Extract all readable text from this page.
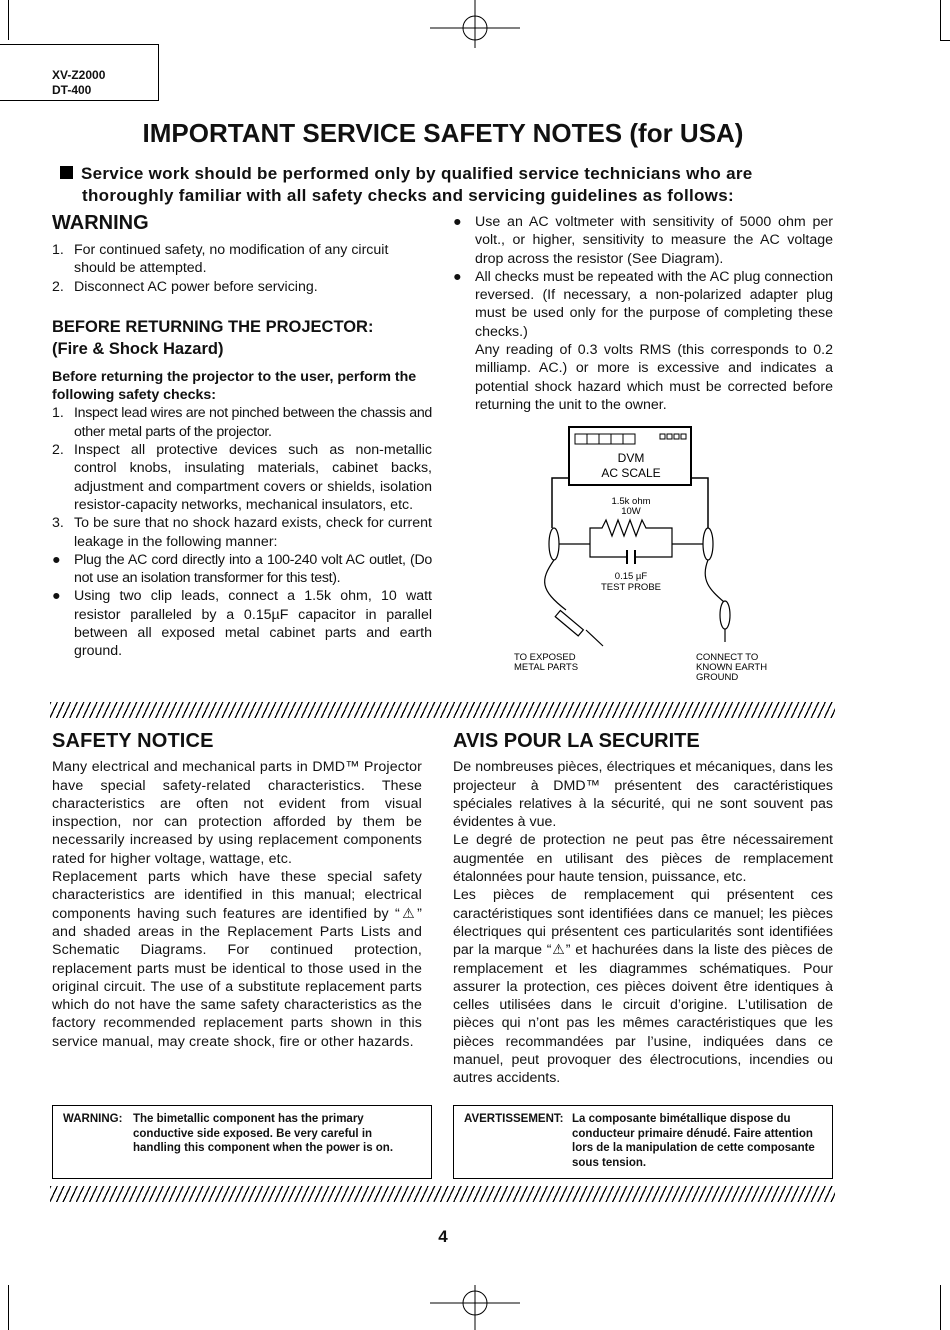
XV-Z2000
DT-400
IMPORTANT SERVICE SAFETY NOTES (for USA)
Service work should be performed only by qualified service technicians who are
thoroughly familiar with all safety checks and servicing guidelines as follows:
WARNING
1. For continued safety, no modification of any circuit should be attempted.
2. Disconnect AC power before servicing.
BEFORE RETURNING THE PROJECTOR:
(Fire & Shock Hazard)
Before returning the projector to the user, perform the following safety checks:
1. Inspect lead wires are not pinched between the chassis and other metal parts of the projector.
2. Inspect all protective devices such as non-metallic control knobs, insulating materials, cabinet backs, adjustment and compartment covers or shields, isolation resistor-capacity networks, mechanical insulators, etc.
3. To be sure that no shock hazard exists, check for current leakage in the following manner:
● Plug the AC cord directly into a 100-240 volt AC outlet, (Do not use an isolation transformer for this test).
● Using two clip leads, connect a 1.5k ohm, 10 watt resistor paralleled by a 0.15µF capacitor in parallel between all exposed metal cabinet parts and earth ground.
● Use an AC voltmeter with sensitivity of 5000 ohm per volt., or higher, sensitivity to measure the AC voltage drop across the resistor (See Diagram).
● All checks must be repeated with the AC plug connection reversed. (If necessary, a non-polarized adapter plug must be used only for the purpose of completing these checks.)
Any reading of 0.3 volts RMS (this corresponds to 0.2 milliamp. AC.) or more is excessive and indicates a potential shock hazard which must be corrected before returning the unit to the owner.
DVM
AC SCALE
1.5k ohm
10W
0.15 µF
TEST PROBE
TO EXPOSED
METAL PARTS
CONNECT TO
KNOWN EARTH
GROUND
SAFETY NOTICE
Many electrical and mechanical parts in DMD™ Projector have special safety-related characteristics. These characteristics are often not evident from visual inspection, nor can protection afforded by them be necessarily increased by using replacement components rated for higher voltage, wattage, etc.
Replacement parts which have these special safety characteristics are identified in this manual; electrical components having such features are identified by “⚠” and shaded areas in the Replacement Parts Lists and Schematic Diagrams. For continued protection, replacement parts must be identical to those used in the original circuit. The use of a substitute replacement parts which do not have the same safety characteristics as the factory recommended replacement parts shown in this service manual, may create shock, fire or other hazards.
AVIS POUR LA SECURITE
De nombreuses pièces, électriques et mécaniques, dans les projecteur à DMD™ présentent des caractéristiques spéciales relatives à la sécurité, qui ne sont souvent pas évidentes à vue.
Le degré de protection ne peut pas être nécessairement augmentée en utilisant des pièces de remplacement étalonnées pour haute tension, puissance, etc.
Les pièces de remplacement qui présentent ces caractéristiques sont identifiées dans ce manuel; les pièces électriques qui présentent ces particularités sont identifiées par la marque “⚠” et hachurées dans la liste des pièces de remplacement et les diagrammes schématiques. Pour assurer la protection, ces pièces doivent être identiques à celles utilisées dans le circuit d’origine. L’utilisation de pièces qui n’ont pas les mêmes caractéristiques que les pièces recommandées par l’usine, indiquées dans ce manuel, peut provoquer des électrocutions, incendies ou autres accidents.
WARNING: The bimetallic component has the primary conductive side exposed. Be very careful in handling this component when the power is on.
AVERTISSEMENT: La composante bimétallique dispose du conducteur primaire dénudé. Faire attention lors de la manipulation de cette composante sous tension.
4
